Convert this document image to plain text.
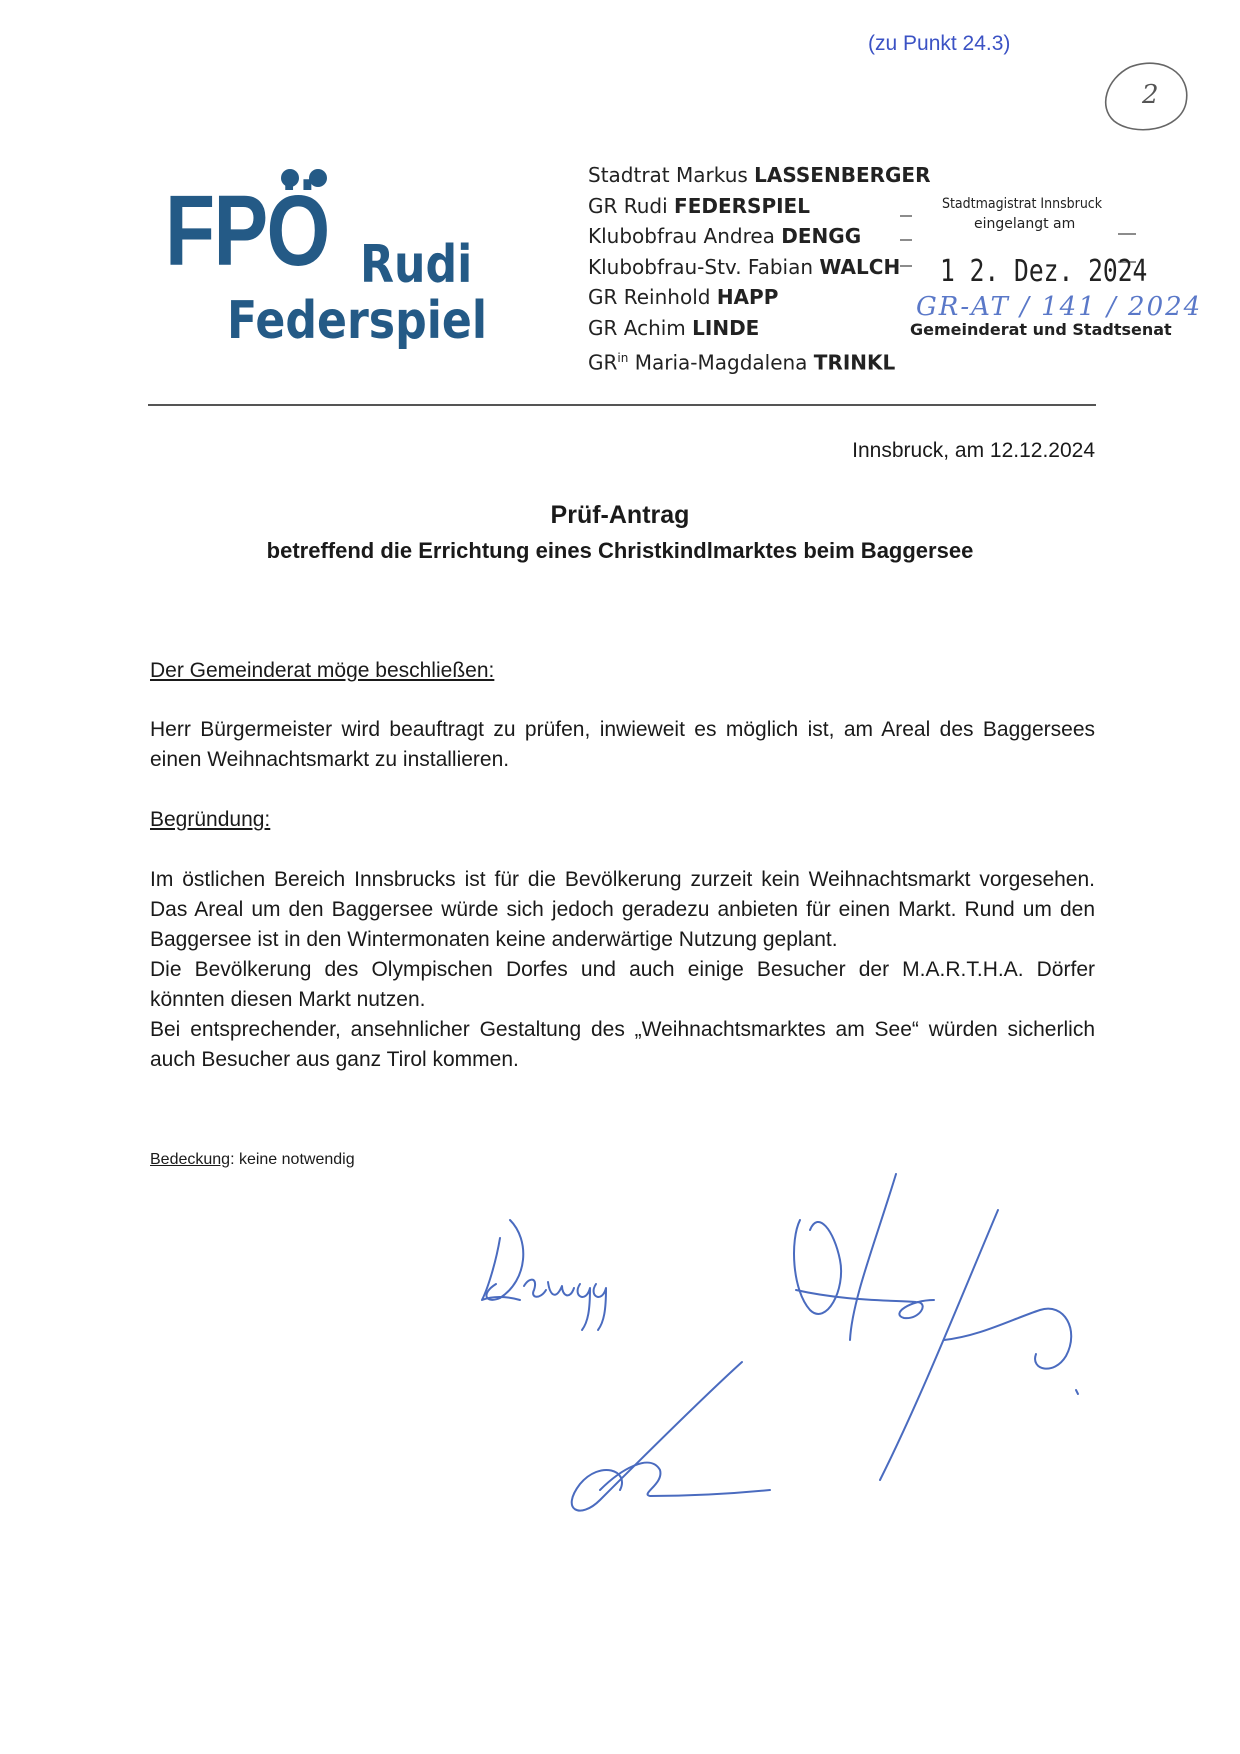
(zu Punkt 24.3)
2
FPÖ Rudi
Federspiel
Stadtrat Markus LASSENBERGER
GR Rudi FEDERSPIEL
Klubobfrau Andrea DENGG
Klubobfrau-Stv. Fabian WALCH
GR Reinhold HAPP
GR Achim LINDE
$GR^{in}$ Maria-Magdalena TRINKL
Stadtmagistrat Innsbruck
eingelangt am
1 2. Dez. 2024
GR-AT / 141 / 2024
Gemeinderat und Stadtsenat
Innsbruck, am 12.12.2024
Prüf-Antrag
betreffend die Errichtung eines Christkindlmarktes beim Baggersee
Der Gemeinderat möge beschließen:
Herr Bürgermeister wird beauftragt zu prüfen, inwieweit es möglich ist, am Areal des Baggersees einen Weihnachtsmarkt zu installieren.
Begründung:

Im östlichen Bereich Innsbrucks ist für die Bevölkerung zurzeit kein Weihnachtsmarkt vorgesehen. Das Areal um den Baggersee würde sich jedoch geradezu anbieten für einen Markt. Rund um den Baggersee ist in den Wintermonaten keine anderwärtige Nutzung geplant.

Die Bevölkerung des Olympischen Dorfes und auch einige Besucher der M.A.R.T.H.A. Dörfer könnten diesen Markt nutzen.

Bei entsprechender, ansehnlicher Gestaltung des „Weihnachtsmarktes am See“ würden sicherlich auch Besucher aus ganz Tirol kommen.

Bedeckung: keine notwendig
